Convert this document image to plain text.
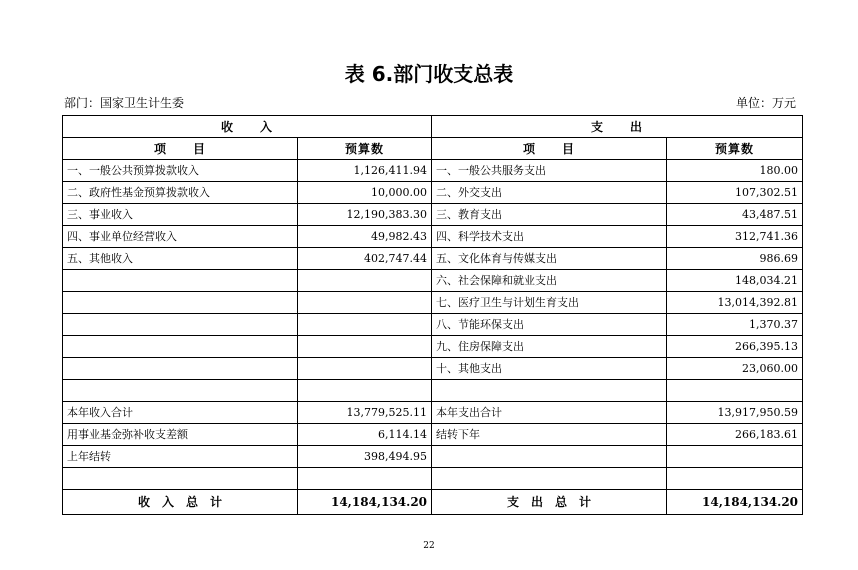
表 6.部门收支总表
部门：国家卫生计生委	单位：万元
收　　入		支　　出	
项　　目	预算数	项　　目	预算数
一、一般公共预算拨款收入	1,126,411.94	一、一般公共服务支出	180.00
二、政府性基金预算拨款收入	10,000.00	二、外交支出	107,302.51
三、事业收入	12,190,383.30	三、教育支出	43,487.51
四、事业单位经营收入	49,982.43	四、科学技术支出	312,741.36
五、其他收入	402,747.44	五、文化体育与传媒支出	986.69
		六、社会保障和就业支出	148,034.21
		七、医疗卫生与计划生育支出	13,014,392.81
		八、节能环保支出	1,370.37
		九、住房保障支出	266,395.13
		十、其他支出	23,060.00

本年收入合计	13,779,525.11	本年支出合计	13,917,950.59
用事业基金弥补收支差额	6,114.14	结转下年	266,183.61
上年结转	398,494.95		

收　入　总　计	14,184,134.20	支　出　总　计	14,184,134.20
22
